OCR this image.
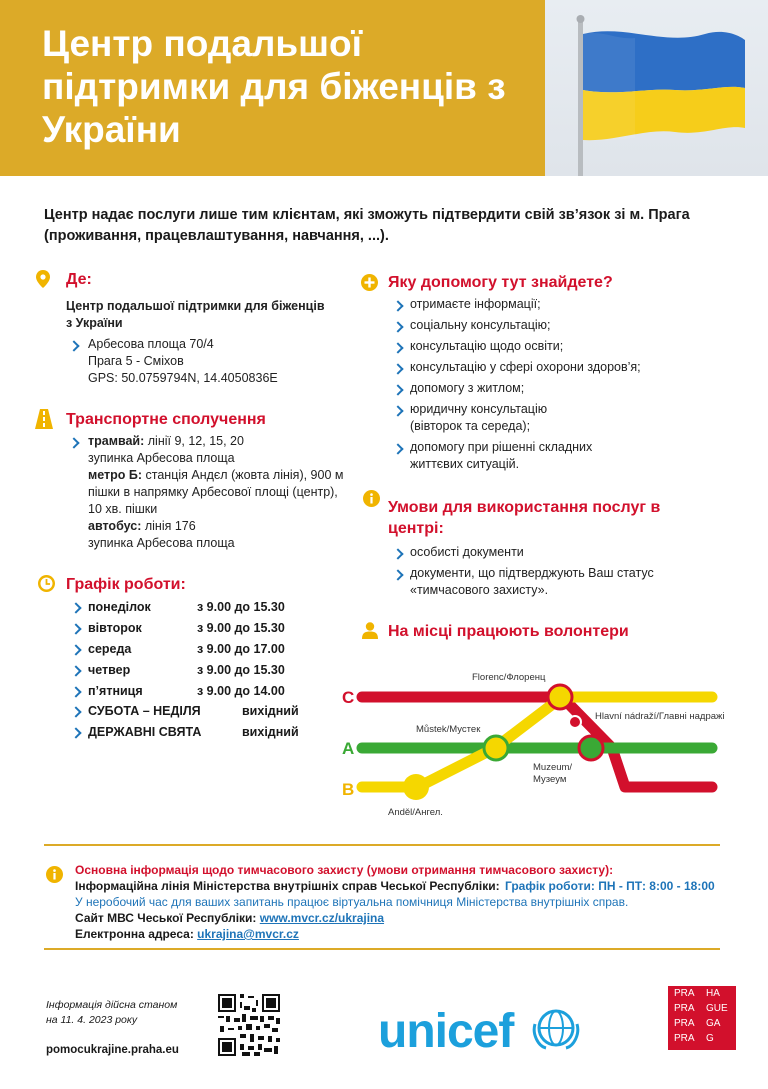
Центр подальшої підтримки для біженців з України
Центр надає послуги лише тим клієнтам, які зможуть підтвердити свій зв’язок зі м. Прага (проживання, працевлаштування, навчання, ...).
Де:
Центр подальшої підтримки для біженців з України
Арбесова площа 70/4
Прага 5 - Сміхов
GPS: 50.0759794N, 14.4050836E
Транспортне сполучення
трамвай: лінії 9, 12, 15, 20
зупинка Арбесова площа
метро Б: станція Андєл (жовта лінія), 900 м
пішки в напрямку Арбесової площі (центр),
10 хв. пішки
автобус: лінія 176
зупинка Арбесова площа
Графік роботи:
понеділок	з 9.00 до 15.30
вівторок	з 9.00 до 15.30
середа	з 9.00 до 17.00
четвер	з 9.00 до 15.30
п’ятниця	з 9.00 до 14.00
СУБОТА – НЕДІЛЯ	вихідний
ДЕРЖАВНІ СВЯТА	вихідний
Яку допомогу тут знайдете?
отримаєте інформації;
соціальну консультацію;
консультацію щодо освіти;
консультацію у сфері охорони здоров’я;
допомогу з житлом;
юридичну консультацію
(вівторок та середа);
допомогу при рішенні складних
життєвих ситуацій.
Умови для використання послуг в
центрі:
особисті документи
документи, що підтверджують Ваш статус
«тимчасового захисту».
На місці працюють волонтери
C
A
B
Florenc/Флоренц
Hlavní nádraží/Главні надражі
Můstek/Мустек
Muzeum/
Музеум
Anděl/Ангел.
Основна інформація щодо тимчасового захисту (умови отримання тимчасового захисту):
Інформаційна лінія Міністерства внутрішніх справ Чеської Республіки: Графік роботи: ПН - ПТ: 8:00 - 18:00
У неробочий час для ваших запитань працює віртуальна помічниця Міністерства внутрішніх справ.
Сайт МВС Чеської Республіки: www.mvcr.cz/ukrajina
Електронна адреса: ukrajina@mvcr.cz
Інформація дійсна станом
на 11. 4. 2023 року
pomocukrajine.praha.eu	unicef
PRA HA
PRA GUE
PRA GA
PRA G
